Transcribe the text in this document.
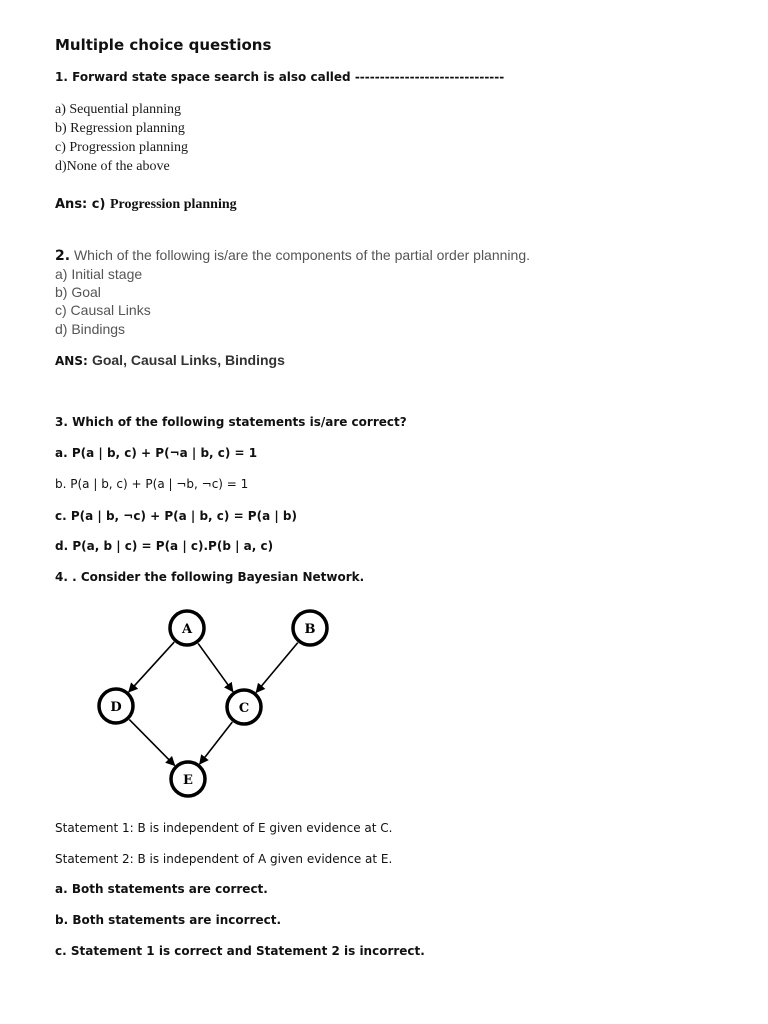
Multiple choice questions
1. Forward state space search is also called ------------------------------
a) Sequential planning
b) Regression planning
c) Progression planning
d)None of the above
Ans: c) Progression planning
2. Which of the following is/are the components of the partial order planning.
a) Initial stage
b) Goal
c) Causal Links
d) Bindings
ANS: Goal, Causal Links, Bindings
3. Which of the following statements is/are correct?
a. P(a | b, c) + P(¬a | b, c) = 1
b. P(a | b, c) + P(a | ¬b, ¬c) = 1
c. P(a | b, ¬c) + P(a | b, c) = P(a | b)
d. P(a, b | c) = P(a | c).P(b | a, c)
4. . Consider the following Bayesian Network.
A	B
C
D
E
Statement 1: B is independent of E given evidence at C.
Statement 2: B is independent of A given evidence at E.
a. Both statements are correct.
b. Both statements are incorrect.
c. Statement 1 is correct and Statement 2 is incorrect.
